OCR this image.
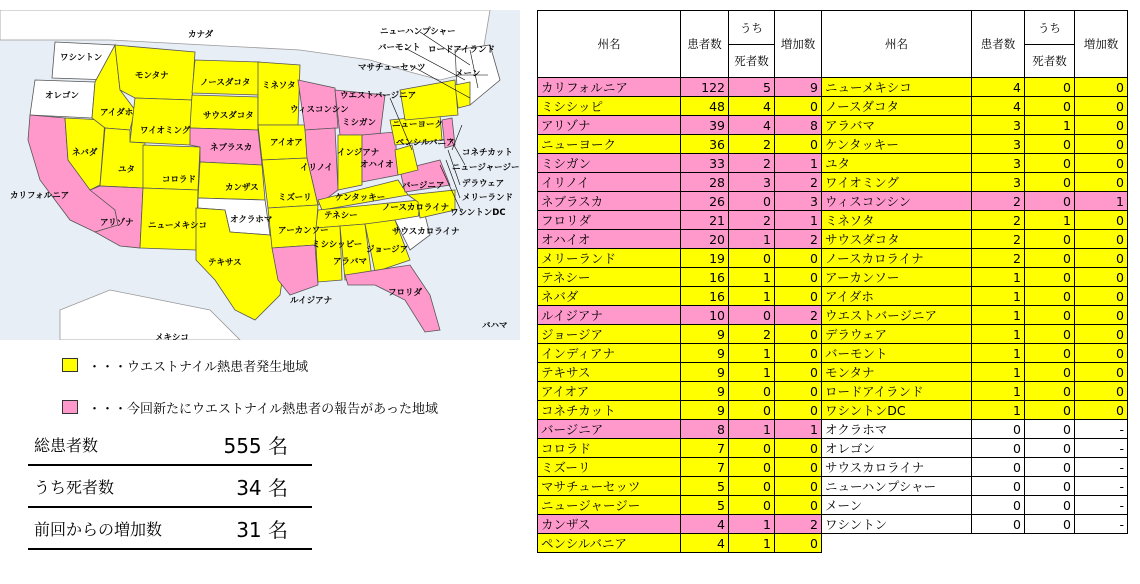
カナダ
ワシントン
オレゴン
モンタナ
アイダホ
ワイオミング
ノースダコタ ミネソタ
サウスダコタ
ネバダ
ユタ
コロラド
ネブラスカ
カンザス
アイオア
ウィスコンシン
ミシガン
イリノイ
インジアナ
オハイオ
ミズーリ	ケンタッキー
カリフォルニア
アリゾナ ニューメキシコ
オクラホマ
アーカンソー
テネシー
テキサス
ミシシッピー
アラバマ
ジョージア
ルイジアナ
フロリダ
メキシコ
バハマ
ニューハンプシャー
バーモント ロードアイランド
マサチューセッツ
メーン
ウエストバージニア
ニューヨーク
ペンシルバニア
コネチカット
ニュージャージー
バージニア デラウェア
メリーランド
ワシントンDC
ノースカロライナ
サウスカロライナ
・・・ウエストナイル熱患者発生地域
・・・今回新たにウエストナイル熱患者の報告があった地域
総患者数	555 名
うち死者数	34 名
前回からの増加数	31 名
州名	患者数	うち	増加数	州名	患者数	うち	増加数
		死者数				死者数	
カリフォルニア	122	5	9	ニューメキシコ	4	0	0
ミシシッピ	48	4	0	ノースダコタ	4	0	0
アリゾナ	39	4	8	アラバマ	3	1	0
ニューヨーク	36	2	0	ケンタッキー	3	0	0
ミシガン	33	2	1	ユタ	3	0	0
イリノイ	28	3	2	ワイオミング	3	0	0
ネブラスカ	26	0	3	ウィスコンシン	2	0	1
フロリダ	21	2	1	ミネソタ	2	1	0
オハイオ	20	1	2	サウスダコタ	2	0	0
メリーランド	19	0	0	ノースカロライナ	2	0	0
テネシー	16	1	0	アーカンソー	1	0	0
ネバダ	16	1	0	アイダホ	1	0	0
ルイジアナ	10	0	2	ウエストバージニア	1	0	0
ジョージア	9	2	0	デラウェア	1	0	0
インディアナ	9	1	0	バーモント	1	0	0
テキサス	9	1	0	モンタナ	1	0	0
アイオア	9	0	0	ロードアイランド	1	0	0
コネチカット	9	0	0	ワシントンDC	1	0	0
バージニア	8	1	1	オクラホマ	0	0	-
コロラド	7	0	0	オレゴン	0	0	-
ミズーリ	7	0	0	サウスカロライナ	0	0	-
マサチューセッツ	5	0	0	ニューハンプシャー	0	0	-
ニュージャージー	5	0	0	メーン	0	0	-
カンザス	4	1	2	ワシントン	0	0	-
ペンシルバニア	4	1	0				
